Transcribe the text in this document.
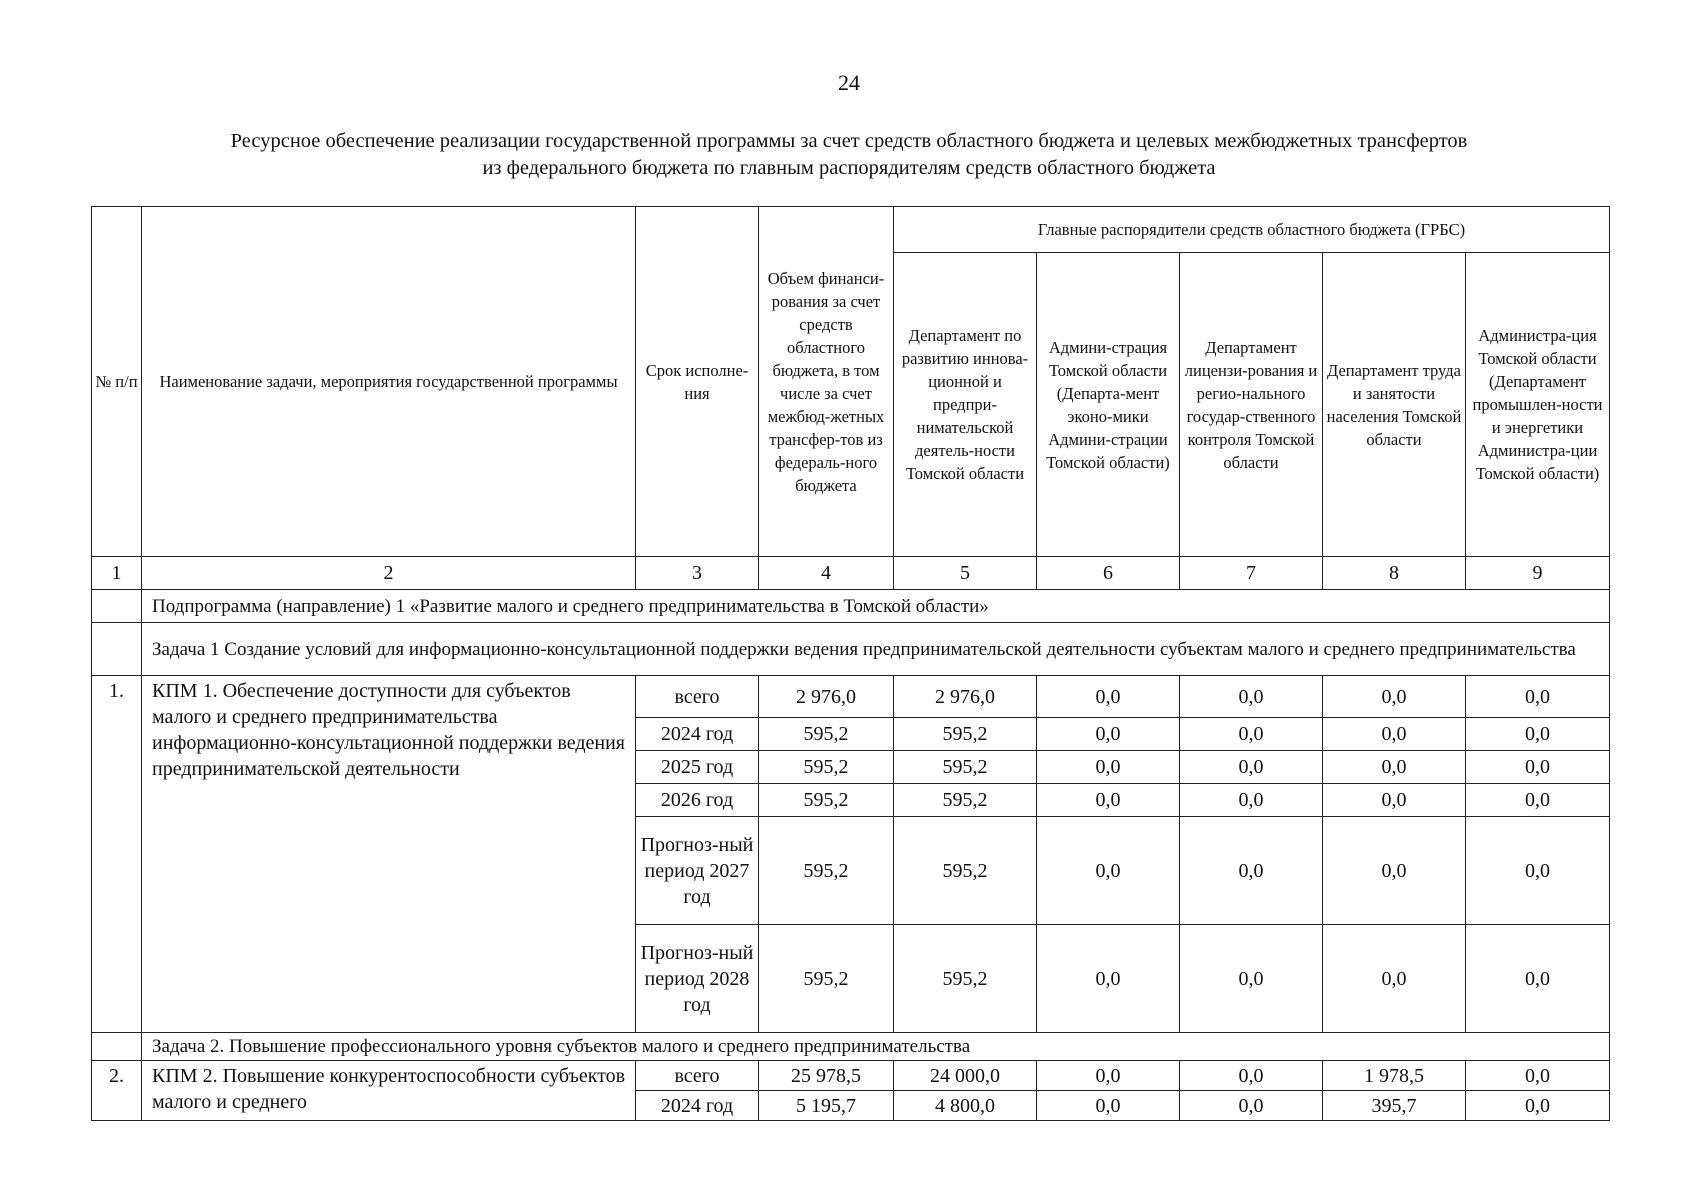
24
Ресурсное обеспечение реализации государственной программы за счет средств областного бюджета и целевых межбюджетных трансфертов
из федерального бюджета по главным распорядителям средств областного бюджета
№ п/п	Наименование задачи, мероприятия государственной программы	Срок исполне-ния	Объем финанси-рования за счет средств областного бюджета, в том числе за счет межбюд-жетных трансфер-тов из федераль-ного бюджета	Главные распорядители средств областного бюджета (ГРБС)				
				Департамент по развитию иннова-ционной и предпри-нимательской деятель-ности Томской области	Админи-страция Томской области (Департа-мент эконо-мики Админи-страции Томской области)	Департамент лицензи-рования и регио-нального государ-ственного контроля Томской области	Департамент труда и занятости населения Томской области	Администра-ция Томской области (Департамент промышлен-ности и энергетики Администра-ции Томской области)
1	2	3	4	5	6	7	8	9
	Подпрограмма (направление) 1 «Развитие малого и среднего предпринимательства в Томской области»							
	Задача 1 Создание условий для информационно-консультационной поддержки ведения предпринимательской деятельности субъектам малого и среднего предпринимательства							
1.	КПМ 1. Обеспечение доступности для субъектов малого и среднего предпринимательства информационно-консультационной поддержки ведения предпринимательской деятельности	всего	2 976,0	2 976,0	0,0	0,0	0,0	0,0
		2024 год	595,2	595,2	0,0	0,0	0,0	0,0
		2025 год	595,2	595,2	0,0	0,0	0,0	0,0
		2026 год	595,2	595,2	0,0	0,0	0,0	0,0
		Прогноз-ный период 2027 год	595,2	595,2	0,0	0,0	0,0	0,0
		Прогноз-ный период 2028 год	595,2	595,2	0,0	0,0	0,0	0,0
	Задача 2. Повышение профессионального уровня субъектов малого и среднего предпринимательства							
2.	КПМ 2. Повышение конкурентоспособности субъектов малого и среднего	всего	25 978,5	24 000,0	0,0	0,0	1 978,5	0,0
		2024 год	5 195,7	4 800,0	0,0	0,0	395,7	0,0
